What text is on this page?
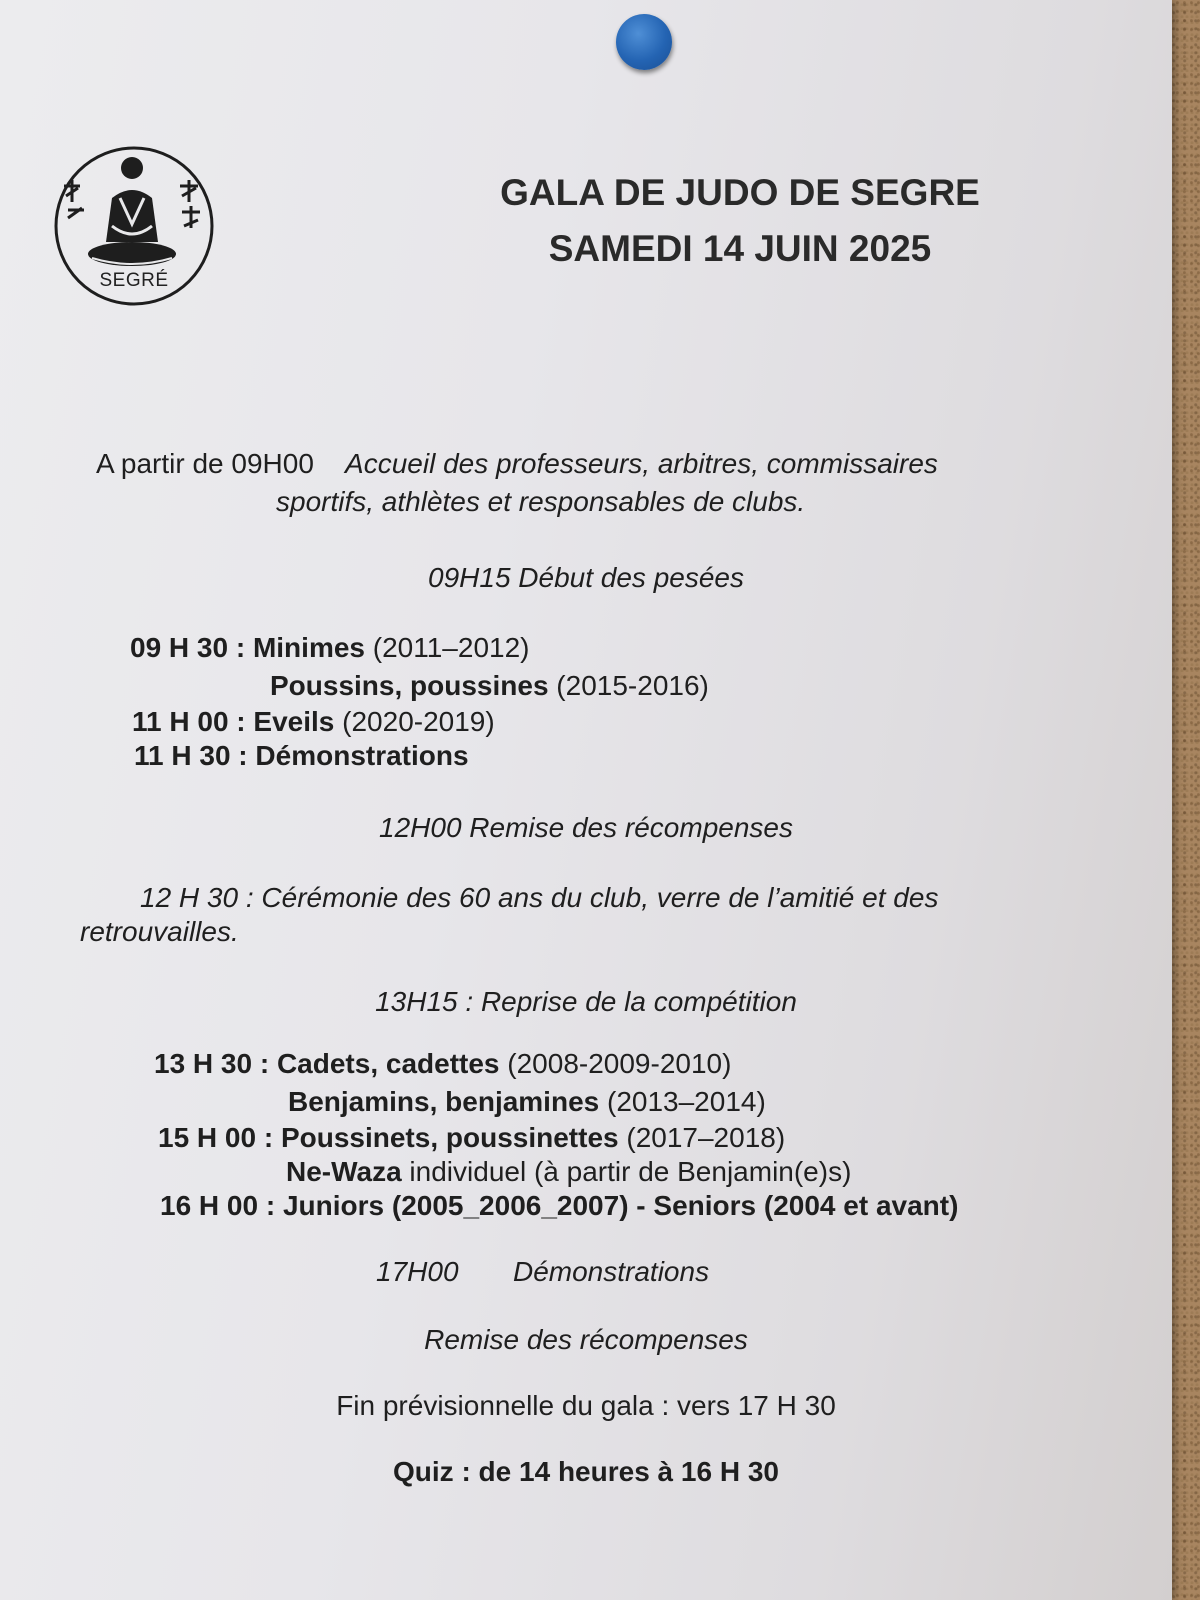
SEGRÉ
GALA DE JUDO DE SEGRE
SAMEDI 14 JUIN 2025
A partir de 09H00 Accueil des professeurs, arbitres, commissaires
sportifs, athlètes et responsables de clubs.
09H15 Début des pesées
09 H 30 : Minimes (2011–2012)
Poussins, poussines (2015-2016)
11 H 00 : Eveils (2020-2019)
11 H 30 : Démonstrations
12H00 Remise des récompenses
12 H 30 : Cérémonie des 60 ans du club, verre de l’amitié et des
retrouvailles.
13H15 : Reprise de la compétition
13 H 30 : Cadets, cadettes (2008-2009-2010)
Benjamins, benjamines (2013–2014)
15 H 00 : Poussinets, poussinettes (2017–2018)
Ne-Waza individuel (à partir de Benjamin(e)s)
16 H 00 : Juniors (2005_2006_2007) - Seniors (2004 et avant)
17H00 Démonstrations
Remise des récompenses
Fin prévisionnelle du gala : vers 17 H 30
Quiz : de 14 heures à 16 H 30
